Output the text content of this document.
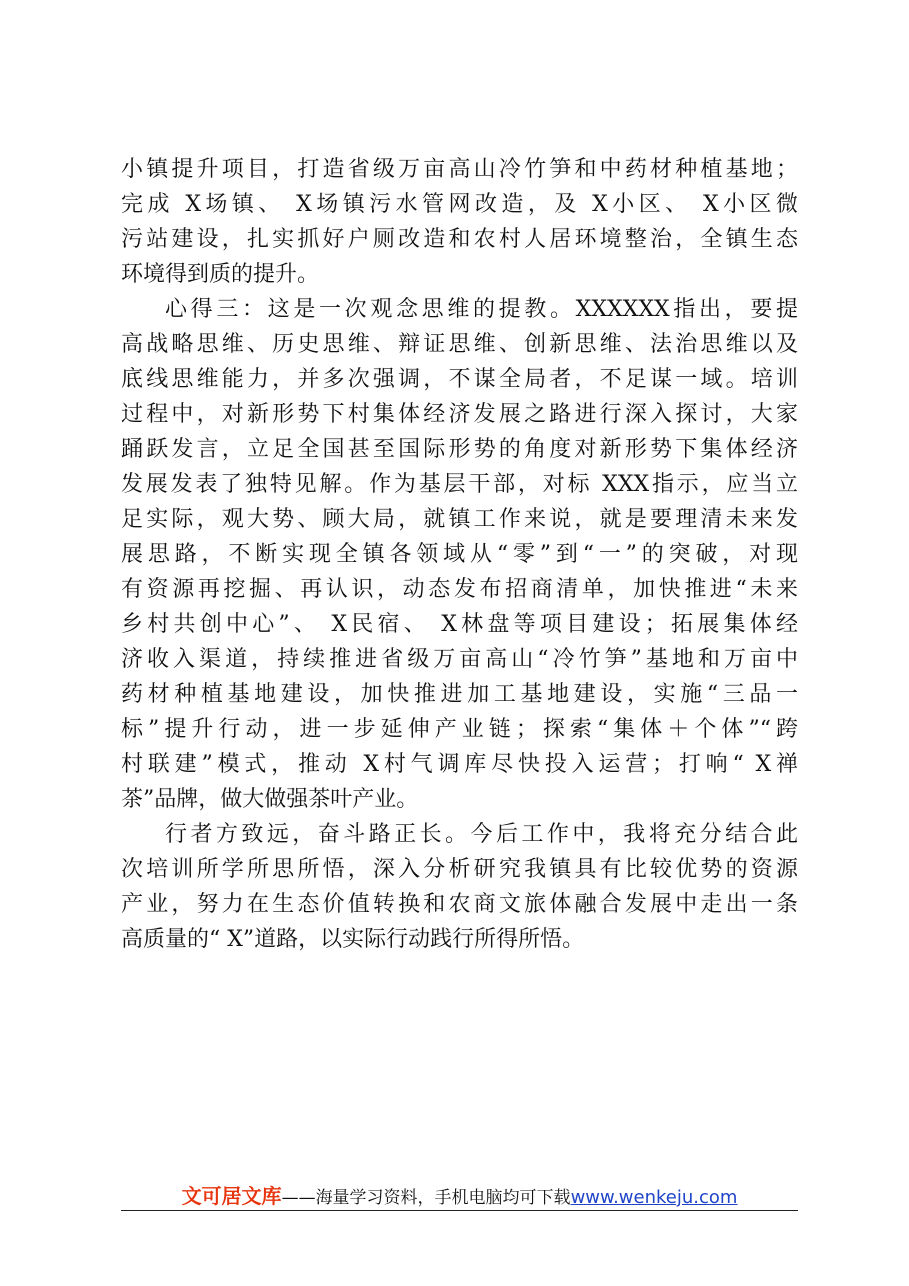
小镇提升项目，打造省级万亩高山冷竹笋和中药材种植基地；
完成 X场镇、 X场镇污水管网改造，及 X小区、 X小区微
污站建设，扎实抓好户厕改造和农村人居环境整治，全镇生态
环境得到质的提升。
心得三：这是一次观念思维的提教。XXXXXX指出，要提
高战略思维、历史思维、辩证思维、创新思维、法治思维以及
底线思维能力，并多次强调，不谋全局者，不足谋一域。培训
过程中，对新形势下村集体经济发展之路进行深入探讨，大家
踊跃发言，立足全国甚至国际形势的角度对新形势下集体经济
发展发表了独特见解。作为基层干部，对标 XXX指示，应当立
足实际，观大势、顾大局，就镇工作来说，就是要理清未来发
展思路，不断实现全镇各领域从“零”到“一”的突破，对现
有资源再挖掘、再认识，动态发布招商清单，加快推进“未来
乡村共创中心”、 X民宿、 X林盘等项目建设；拓展集体经
济收入渠道，持续推进省级万亩高山“冷竹笋”基地和万亩中
药材种植基地建设，加快推进加工基地建设，实施“三品一
标”提升行动，进一步延伸产业链；探索“集体＋个体”“跨
村联建”模式，推动 X村气调库尽快投入运营；打响“ X禅
茶”品牌，做大做强茶叶产业。
行者方致远，奋斗路正长。今后工作中，我将充分结合此
次培训所学所思所悟，深入分析研究我镇具有比较优势的资源
产业，努力在生态价值转换和农商文旅体融合发展中走出一条
高质量的“ X”道路，以实际行动践行所得所悟。
文可居文库——海量学习资料，手机电脑均可下载www.wenkeju.com
